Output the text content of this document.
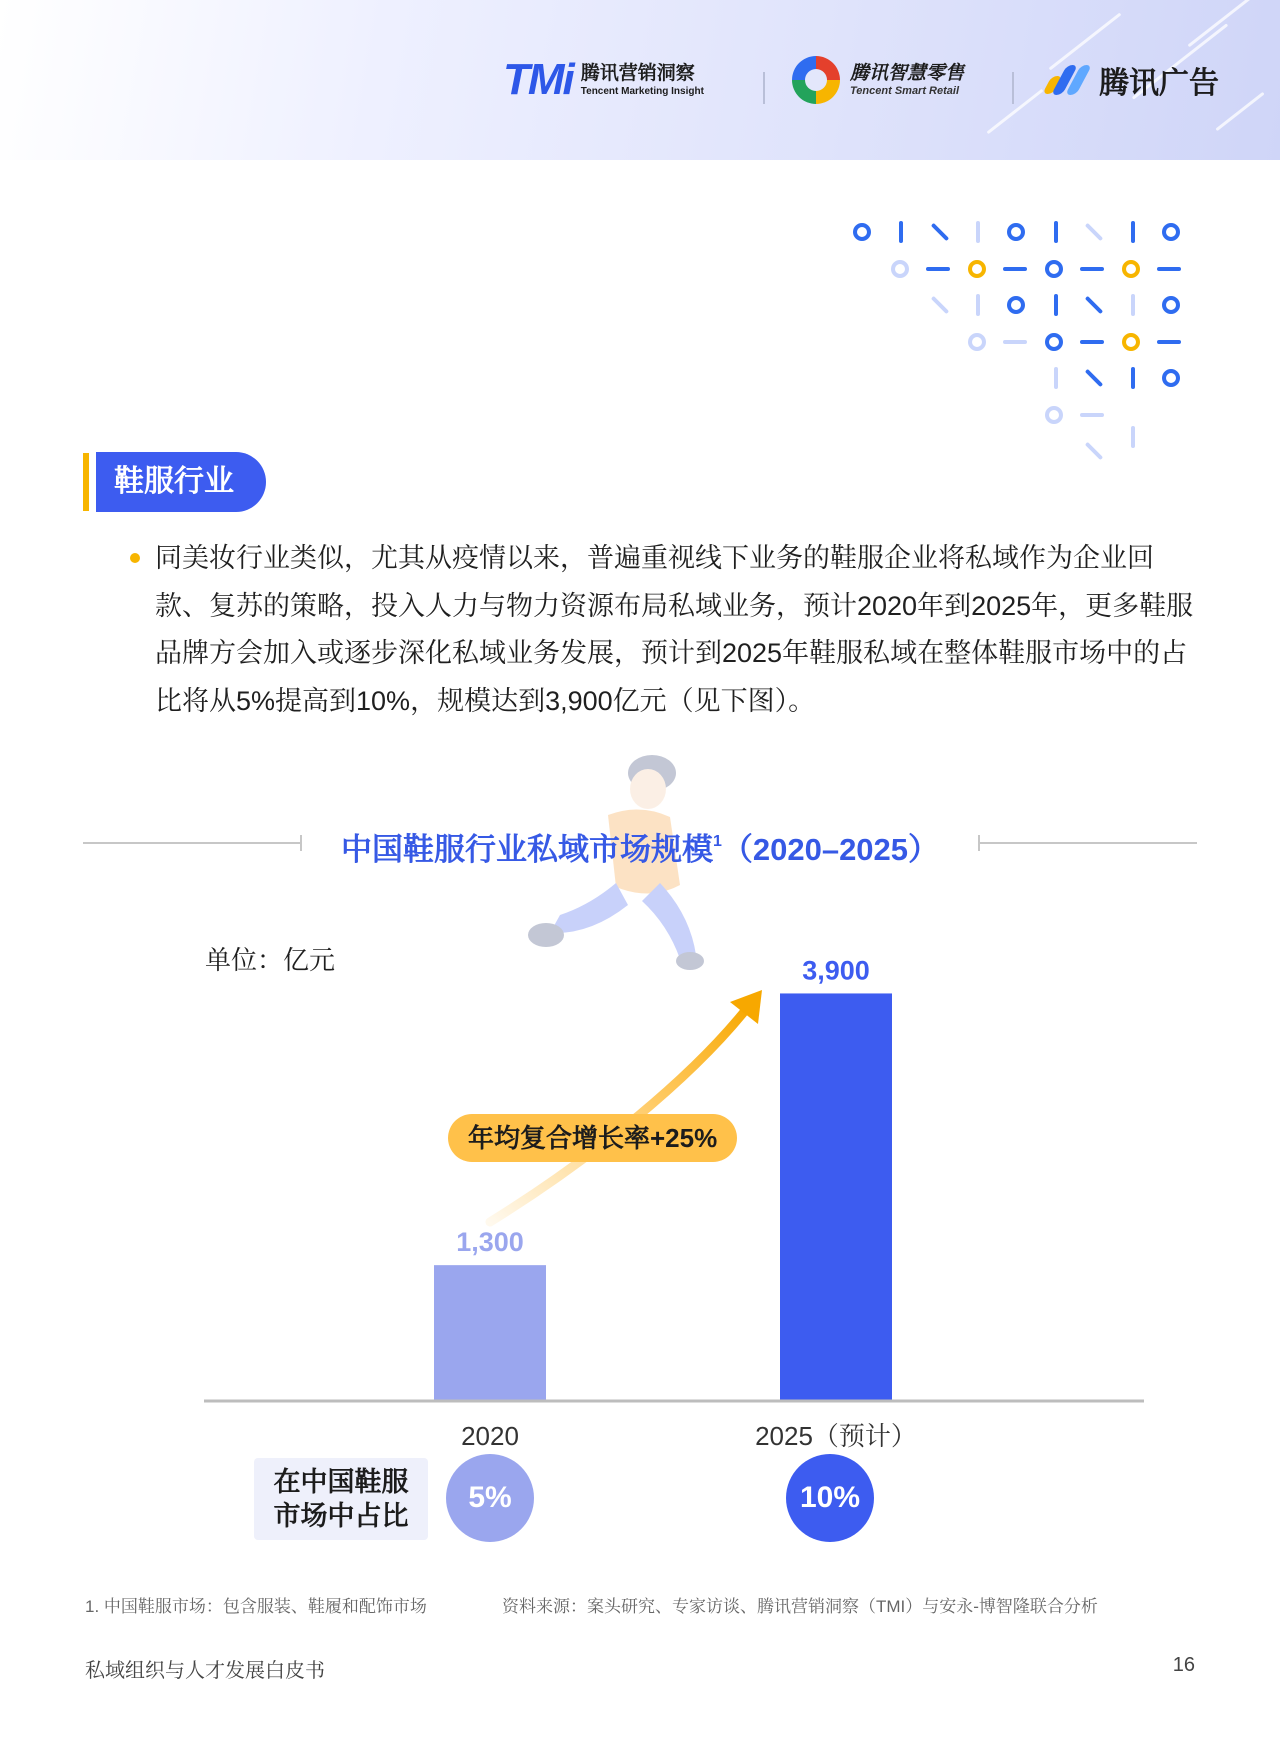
TMi 腾讯营销洞察
Tencent Marketing Insight
腾讯智慧零售
Tencent Smart Retail	腾讯广告
鞋服行业

同美妆行业类似，尤其从疫情以来，普遍重视线下业务的鞋服企业将私域作为企业回款、复苏的策略，投入人力与物力资源布局私域业务，预计2020年到2025年，更多鞋服品牌方会加入或逐步深化私域业务发展，预计到2025年鞋服私域在整体鞋服市场中的占比将从5%提高到10%，规模达到3,900亿元（见下图）。

中国鞋服行业私域市场规模$^1$（2020–2025）
单位：亿元
1,300
2020
3,900
2025（预计）
年均复合增长率+25%
在中国鞋服
市场中占比
5%	10%
1. 中国鞋服市场：包含服装、鞋履和配饰市场	资料来源：案头研究、专家访谈、腾讯营销洞察（TMI）与安永-博智隆联合分析
私域组织与人才发展白皮书	16
